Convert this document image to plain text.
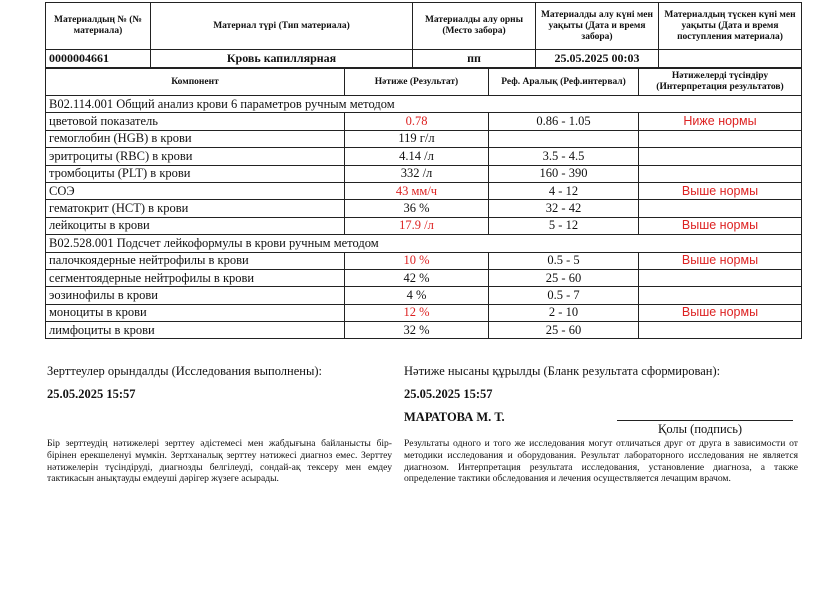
Материалдың № (№ материала)	Материал түрі (Тип материала)	Материалды алу орны (Место забора)	Материалды алу күні мен уақыты (Дата и время забора)	Материалдың түскен күні мен уақыты (Дата и время поступления материала)
0000004661	Кровь капиллярная	пп	25.05.2025 00:03	
Компонент	Нәтиже (Результат)	Реф. Аралық (Реф.интервал)	Нәтижелерді түсіндіру (Интерпретация результатов)
B02.114.001 Общий анализ крови 6 параметров ручным методом			
цветовой показатель	0.78	0.86 - 1.05	Ниже нормы
гемоглобин (HGB) в крови	119 г/л		
эритроциты (RBC) в крови	4.14 /л	3.5 - 4.5	
тромбоциты (PLT) в крови	332 /л	160 - 390	
СОЭ	43 мм/ч	4 - 12	Выше нормы
гематокрит (HCT) в крови	36 %	32 - 42	
лейкоциты в крови	17.9 /л	5 - 12	Выше нормы
B02.528.001 Подсчет лейкоформулы в крови ручным методом			
палочкоядерные нейтрофилы в крови	10 %	0.5 - 5	Выше нормы
сегментоядерные нейтрофилы в крови	42 %	25 - 60	
эозинофилы в крови	4 %	0.5 - 7	
моноциты в крови	12 %	2 - 10	Выше нормы
лимфоциты в крови	32 %	25 - 60	
Зерттеулер орындалды (Исследования выполнены):
25.05.2025 15:57
Нәтиже нысаны құрылды (Бланк результата сформирован):
25.05.2025 15:57
МАРАТОВА М. Т.
Қолы (подпись)
Бір зерттеудің нәтижелері зерттеу әдістемесі мен жабдығына байланысты бір-бірінен ерекшеленуі мүмкін. Зертханалық зерттеу нәтижесі диагноз емес. Зерттеу нәтижелерін түсіндіруді, диагнозды белгілеуді, сондай-ақ тексеру мен емдеу тактикасын анықтауды емдеуші дәрігер жүзеге асырады.
Результаты одного и того же исследования могут отличаться друг от друга в зависимости от методики исследования и оборудования. Результат лабораторного исследования не является диагнозом. Интерпретация результата исследования, установление диагноза, а также определение тактики обследования и лечения осуществляется лечащим врачом.
